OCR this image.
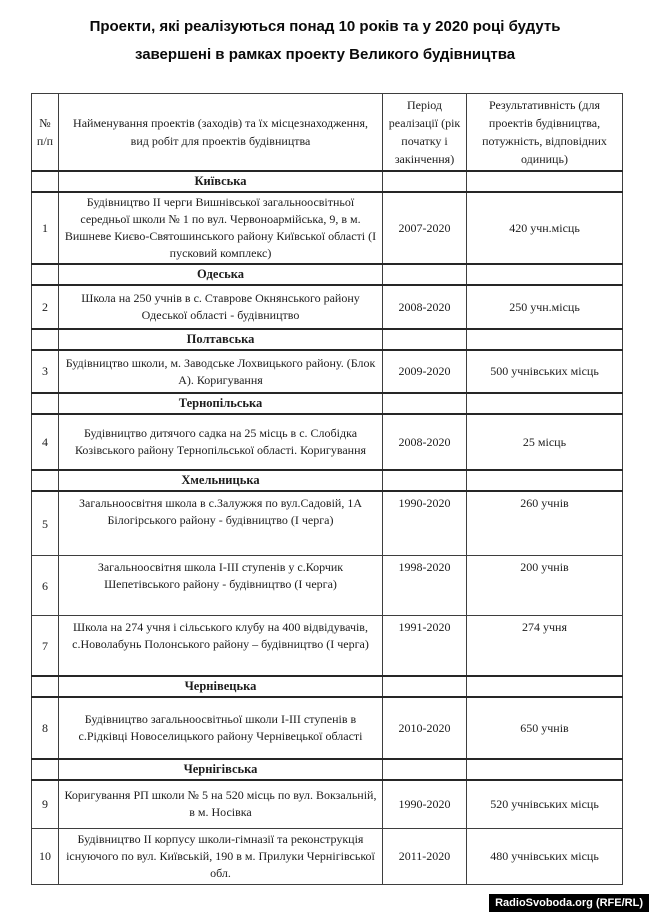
Проекти, які реалізуються понад 10 років та у 2020 році будуть
завершені в рамках проекту Великого будівництва
№ п/п	Найменування проектів (заходів) та їх місцезнаходження, вид робіт для проектів будівництва	Період реалізації (рік початку і закінчення)	Результативність (для проектів будівництва, потужність, відповідних одиниць)
	Київська		
1	Будівництво ІІ черги Вишнівської загальноосвітньої середньої школи № 1 по вул. Червоноармійська, 9, в м. Вишневе Києво-Святошинського району Київської області (І пусковий комплекс)	2007-2020	420 учн.місць
	Одеська		
2	Школа на 250 учнів в с. Ставрове Окнянського району Одеської області - будівництво	2008-2020	250 учн.місць
	Полтавська		
3	Будівництво школи, м. Заводське Лохвицького району. (Блок А). Коригування	2009-2020	500 учнівських місць
	Тернопільська		
4	Будівництво дитячого садка на 25 місць в с. Слобідка Козівського району Тернопільської області. Коригування	2008-2020	25 місць
	Хмельницька		
5	Загальноосвітня школа в с.Залужжя по вул.Садовій, 1А Білогірського району - будівництво (І черга)	1990-2020	260 учнів
6	Загальноосвітня школа І-ІІІ ступенів у с.Корчик Шепетівського району - будівництво (І черга)	1998-2020	200 учнів
7	Школа на 274 учня і сільського клубу на 400 відвідувачів, с.Новолабунь Полонського району – будівництво (І черга)	1991-2020	274 учня
	Чернівецька		
8	Будівництво загальноосвітньої школи І-ІІІ ступенів в с.Рідківці Новоселицького району Чернівецької області	2010-2020	650 учнів
	Чернігівська		
9	Коригування РП школи № 5 на 520 місць по вул. Вокзальній, в м. Носівка	1990-2020	520 учнівських місць
10	Будівництво ІІ корпусу школи-гімназії та реконструкція існуючого по вул. Київській, 190 в м. Прилуки Чернігівської обл.	2011-2020	480 учнівських місць
RadioSvoboda.org (RFE/RL)
